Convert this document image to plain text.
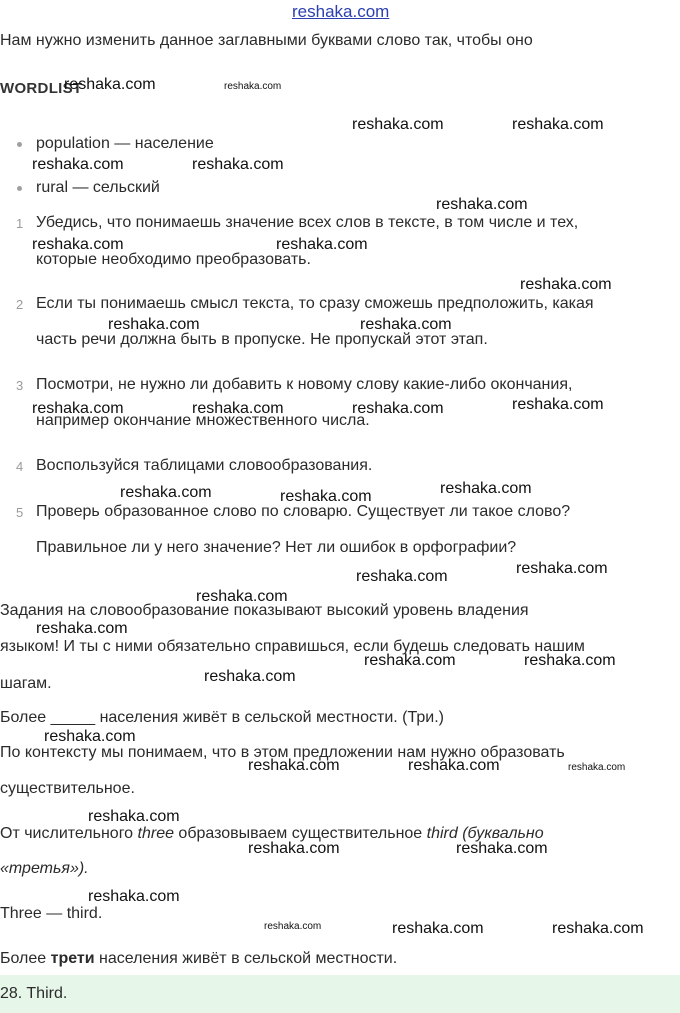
reshaka.com
Нам нужно изменить данное заглавными буквами слово так, чтобы оно
WORDLIST
population — население
rural — сельский
1 Убедись, что понимаешь значение всех слов в тексте, в том числе и тех,
которые необходимо преобразовать.
2 Если ты понимаешь смысл текста, то сразу сможешь предположить, какая
часть речи должна быть в пропуске. Не пропускай этот этап.
3 Посмотри, не нужно ли добавить к новому слову какие-либо окончания,
например окончание множественного числа.
4 Воспользуйся таблицами словообразования.
5 Проверь образованное слово по словарю. Существует ли такое слово?
Правильное ли у него значение? Нет ли ошибок в орфографии?
Задания на словообразование показывают высокий уровень владения
языком! И ты с ними обязательно справишься, если будешь следовать нашим
шагам.
Более _____ населения живёт в сельской местности. (Три.)
По контексту мы понимаем, что в этом предложении нам нужно образовать
существительное.
От числительного three образовываем существительное third (буквально
«третья»).
Three — third.
Более трети населения живёт в сельской местности.
28. Third.
reshaka.com	reshaka.com
reshaka.com	reshaka.com
reshaka.com	reshaka.com
reshaka.com
reshaka.com	reshaka.com
reshaka.com
reshaka.com	reshaka.com
reshaka.com	reshaka.com	reshaka.com	reshaka.com
reshaka.com	reshaka.com	reshaka.com
reshaka.com	reshaka.com
reshaka.com
reshaka.com
reshaka.com	reshaka.com
reshaka.com
reshaka.com
reshaka.com	reshaka.com	reshaka.com
reshaka.com
reshaka.com	reshaka.com
reshaka.com
reshaka.com	reshaka.com	reshaka.com
